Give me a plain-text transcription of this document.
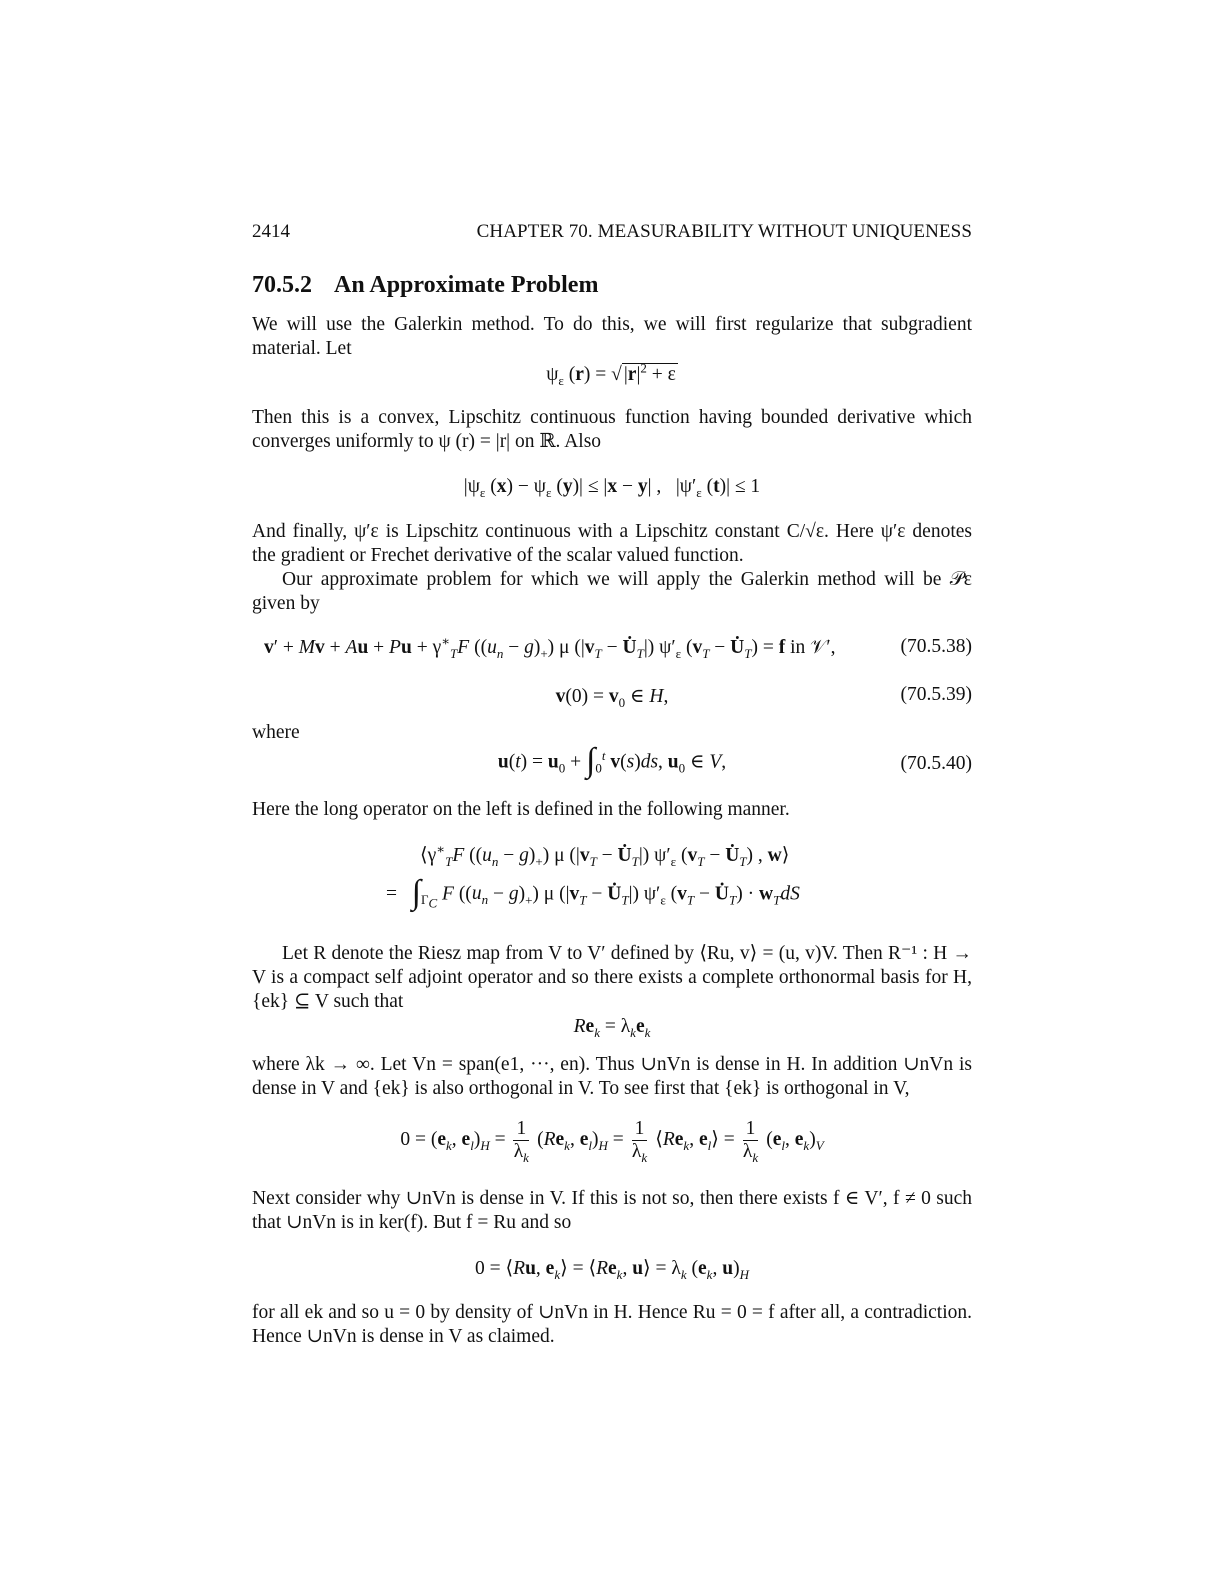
2414	CHAPTER 70. MEASURABILITY WITHOUT UNIQUENESS
70.5.2 An Approximate Problem
We will use the Galerkin method. To do this, we will first regularize that subgradient material. Let
$\psi_\varepsilon$ (r) = √ $|r|^2 + \varepsilon$
Then this is a convex, Lipschitz continuous function having bounded derivative which converges uniformly to ψ (r) = |r| on ℝ. Also
$|\psi_\varepsilon$ $(x) - \psi_\varepsilon$ (y)| ≤ |x − y| ,   $|\psi'_\varepsilon$ (t)| ≤ 1
And finally, ψ′ε is Lipschitz continuous with a Lipschitz constant C/√ε. Here ψ′ε denotes the gradient or Frechet derivative of the scalar valued function.
Our approximate problem for which we will apply the Galerkin method will be 𝒫ε given by
$v' + Mv + Au + Pu + \gamma^∗_TF$ $((u_n - g)_+)$ μ ($|v_T$ − $U̇_T|$) $\psi'_\varepsilon$ ($v_T$ − $U̇_T) = f$ in 𝒱′,	(70.5.38)
$v(0) = v_0$ ∈ H,	(70.5.39)
where
$u(t) = u_0 + \int_0^t$ v(s)ds, $u_0$ ∈ V,	(70.5.40)
Here the long operator on the left is defined in the following manner.
$⟨\gamma^∗_TF$ $((u_n - g)_+)$ μ ($|v_T$ − $U̇_T|$) $\psi'_\varepsilon$ ($v_T$ − $U̇_T$) , w⟩
=   $\int_{\Gamma_C}$ F $((u_n - g)_+)$ μ ($|v_T$ − $U̇_T|$) $\psi'_\varepsilon$ ($v_T$ − $U̇_T) \cdot w_TdS$
Let R denote the Riesz map from V to V′ defined by ⟨Ru, v⟩ = (u, v)V. Then R⁻¹ : H → V is a compact self adjoint operator and so there exists a complete orthonormal basis for H, {ek} ⊆ V such that
$Re_k = \lambda_ke_k$
where λk → ∞. Let Vn = span(e1, ···, en). Thus ∪nVn is dense in H. In addition ∪nVn is dense in V and {ek} is also orthogonal in V. To see first that {ek} is orthogonal in V,
$0 = (e_k$, $e_l)_H = \frac{1}{\lambda_k} (Re_k$, $e_l)_H = \frac{1}{\lambda_k}$ $⟨Re_k$, $e_l⟩ = \frac{1}{\lambda_k} (e_l$, $e_k)_V$
Next consider why ∪nVn is dense in V. If this is not so, then there exists f ∈ V′, f ≠ 0 such that ∪nVn is in ker(f). But f = Ru and so
0 = ⟨Ru, $e_k⟩$ = $⟨Re_k$, u⟩ = $\lambda_k$ ($e_k$, $u)_H$
for all ek and so u = 0 by density of ∪nVn in H. Hence Ru = 0 = f after all, a contradiction. Hence ∪nVn is dense in V as claimed.
